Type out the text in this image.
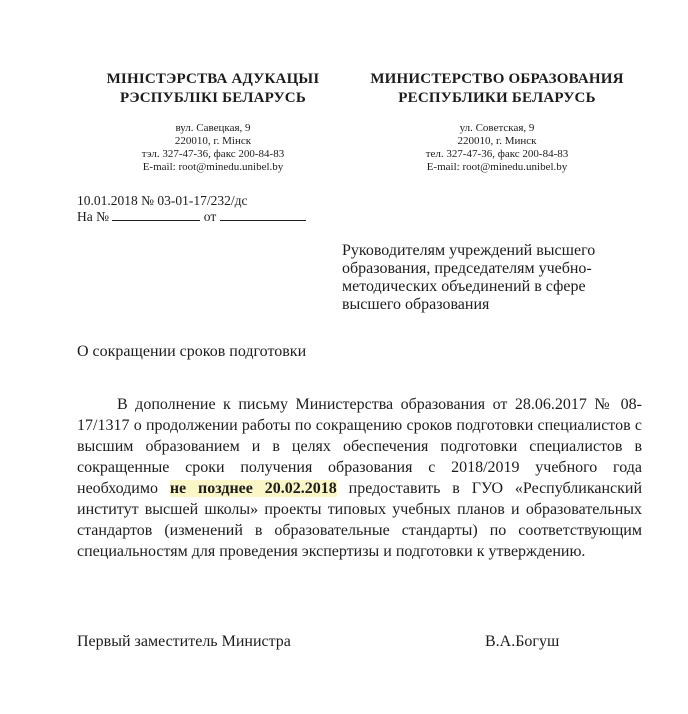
МІНІСТЭРСТВА АДУКАЦЫІ
РЭСПУБЛІКІ БЕЛАРУСЬ
вул. Савецкая, 9
220010, г. Мінск
тэл. 327-47-36, факс 200-84-83
E-mail: root@minedu.unibel.by
МИНИСТЕРСТВО ОБРАЗОВАНИЯ
РЕСПУБЛИКИ БЕЛАРУСЬ
ул. Советская, 9
220010, г. Минск
тел. 327-47-36, факс 200-84-83
E-mail: root@minedu.unibel.by
10.01.2018 № 03-01-17/232/дс
На №	от
Руководителям учреждений высшего
образования, председателям учебно-
методических объединений в сфере
высшего образования
О сокращении сроков подготовки

В дополнение к письму Министерства образования от 28.06.2017 № 08-17/1317 о продолжении работы по сокращению сроков подготовки специалистов с высшим образованием и в целях обеспечения подготовки специалистов в сокращенные сроки получения образования с 2018/2019 учебного года необходимо не позднее 20.02.2018 предоставить в ГУО «Республиканский институт высшей школы» проекты типовых учебных планов и образовательных стандартов (изменений в образовательные стандарты) по соответствующим специальностям для проведения экспертизы и подготовки к утверждению.

Первый заместитель Министра	В.А.Богуш
